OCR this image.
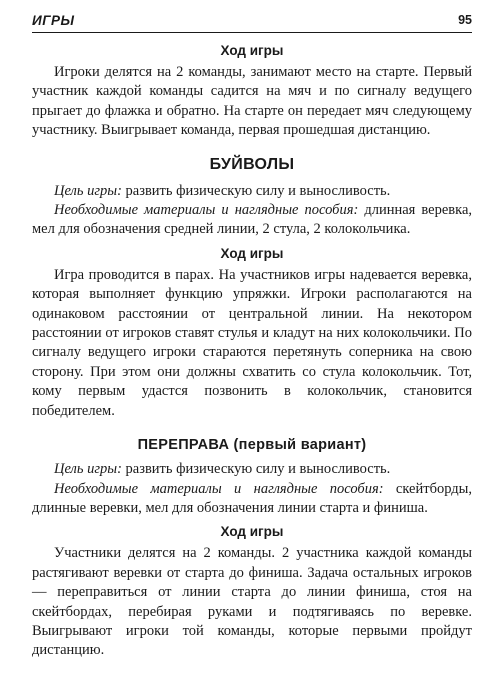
ИГРЫ	95
Ход игры

Игроки делятся на 2 команды, занимают место на старте. Первый участник каждой команды садится на мяч и по сигналу ведущего прыгает до флажка и обратно. На старте он передает мяч следующему участнику. Выигрывает команда, первая прошедшая дистанцию.

БУЙВОЛЫ

Цель игры: развить физическую силу и выносливость.

Необходимые материалы и наглядные пособия: длинная веревка, мел для обозначения средней линии, 2 стула, 2 колокольчика.

Ход игры

Игра проводится в парах. На участников игры надевается веревка, которая выполняет функцию упряжки. Игроки располагаются на одинаковом расстоянии от центральной линии. На некотором расстоянии от игроков ставят стулья и кладут на них колокольчики. По сигналу ведущего игроки стараются перетянуть соперника на свою сторону. При этом они должны схватить со стула колокольчик. Тот, кому первым удастся позвонить в колокольчик, становится победителем.

ПЕРЕПРАВА (первый вариант)

Цель игры: развить физическую силу и выносливость.

Необходимые материалы и наглядные пособия: скейтборды, длинные веревки, мел для обозначения линии старта и финиша.

Ход игры

Участники делятся на 2 команды. 2 участника каждой команды растягивают веревки от старта до финиша. Задача остальных игроков — переправиться от линии старта до линии финиша, стоя на скейтбордах, перебирая руками и подтягиваясь по веревке. Выигрывают игроки той команды, которые первыми пройдут дистанцию.
